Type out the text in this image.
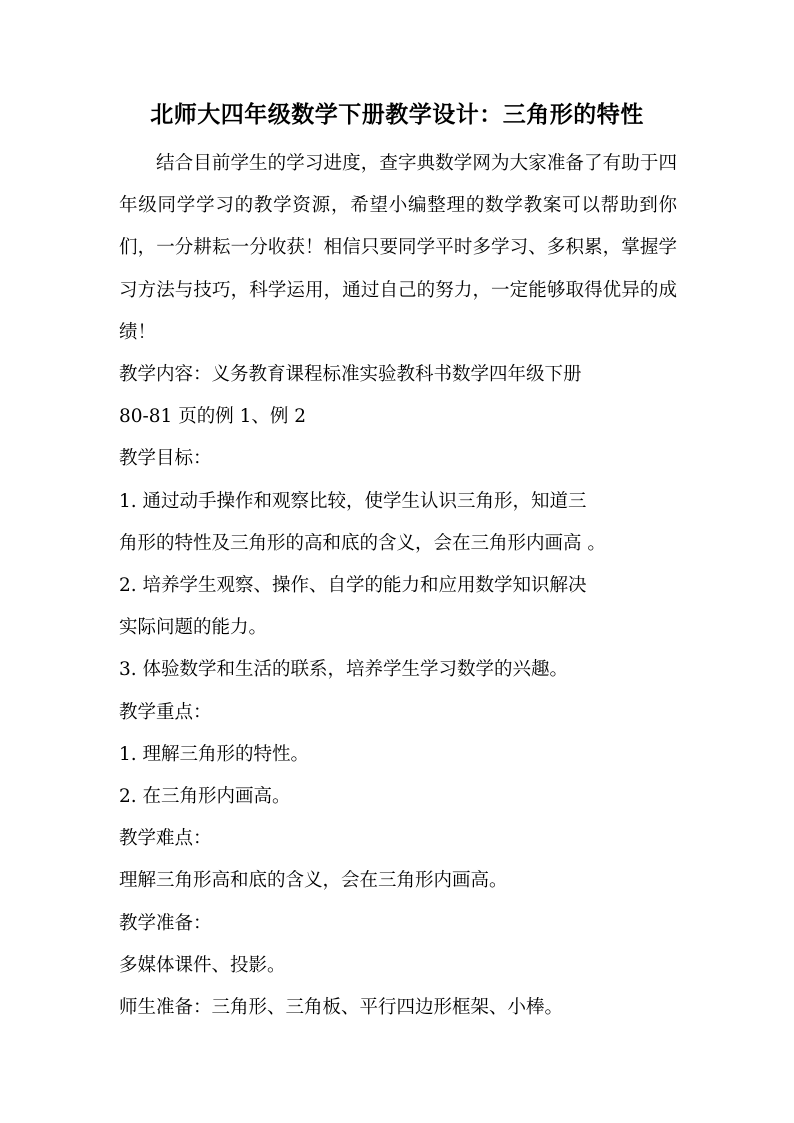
北师大四年级数学下册教学设计：三角形的特性

结合目前学生的学习进度，查字典数学网为大家准备了有助于四年级同学学习的教学资源，希望小编整理的数学教案可以帮助到你们，一分耕耘一分收获！相信只要同学平时多学习、多积累，掌握学习方法与技巧，科学运用，通过自己的努力，一定能够取得优异的成绩！

教学内容：义务教育课程标准实验教科书数学四年级下册

80-81 页的例 1、例 2

教学目标：

1. 通过动手操作和观察比较，使学生认识三角形，知道三

角形的特性及三角形的高和底的含义，会在三角形内画高 。

2. 培养学生观察、操作、自学的能力和应用数学知识解决

实际问题的能力。

3. 体验数学和生活的联系，培养学生学习数学的兴趣。

教学重点：

1. 理解三角形的特性。

2. 在三角形内画高。

教学难点：

理解三角形高和底的含义，会在三角形内画高。

教学准备：

多媒体课件、投影。

师生准备：三角形、三角板、平行四边形框架、小棒。
